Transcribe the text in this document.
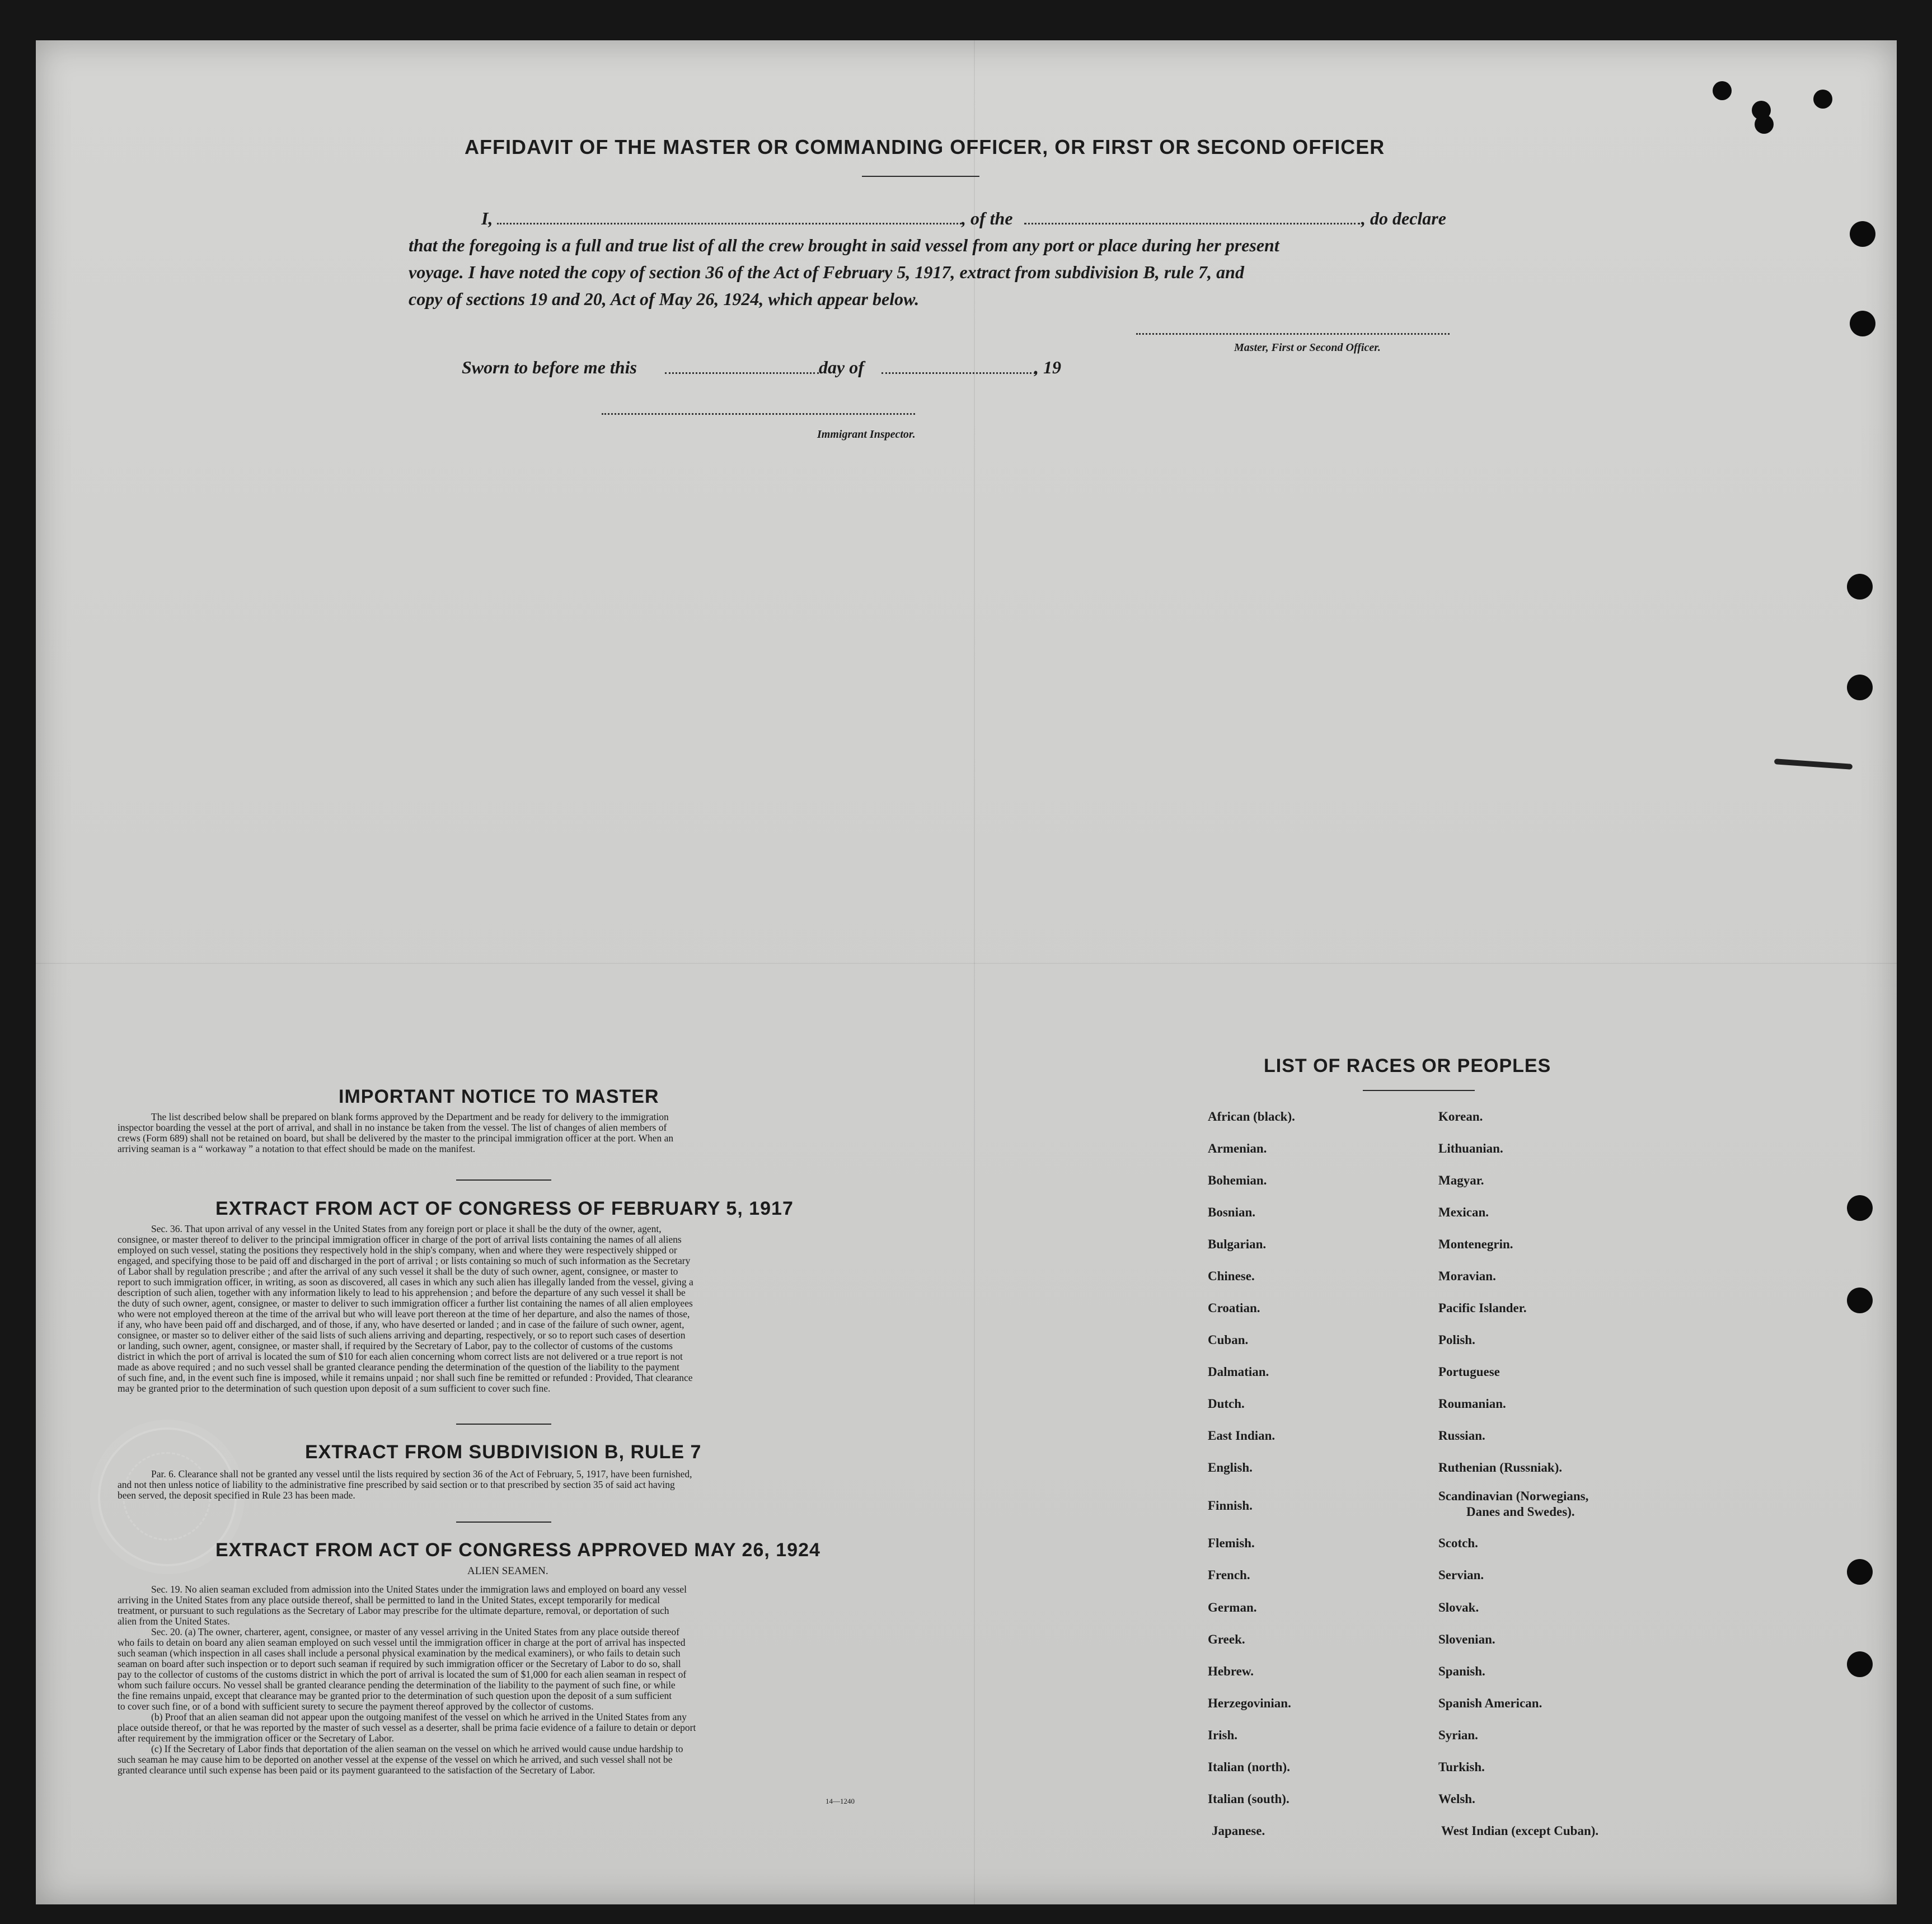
AFFIDAVIT OF THE MASTER OR COMMANDING OFFICER, OR FIRST OR SECOND OFFICER
I,	, of the	, do declare
that the foregoing is a full and true list of all the crew brought in said vessel from any port or place during her present
voyage. I have noted the copy of section 36 of the Act of February 5, 1917, extract from subdivision B, rule 7, and
copy of sections 19 and 20, Act of May 26, 1924, which appear below.
Master, First or Second Officer.
Sworn to before me this	day of	, 19
Immigrant Inspector.
IMPORTANT NOTICE TO MASTER
The list described below shall be prepared on blank forms approved by the Department and be ready for delivery to the immigration
inspector boarding the vessel at the port of arrival, and shall in no instance be taken from the vessel. The list of changes of alien members of
crews (Form 689) shall not be retained on board, but shall be delivered by the master to the principal immigration officer at the port. When an
arriving seaman is a “ workaway ” a notation to that effect should be made on the manifest.
EXTRACT FROM ACT OF CONGRESS OF FEBRUARY 5, 1917
Sec. 36. That upon arrival of any vessel in the United States from any foreign port or place it shall be the duty of the owner, agent,
consignee, or master thereof to deliver to the principal immigration officer in charge of the port of arrival lists containing the names of all aliens
employed on such vessel, stating the positions they respectively hold in the ship's company, when and where they were respectively shipped or
engaged, and specifying those to be paid off and discharged in the port of arrival ; or lists containing so much of such information as the Secretary
of Labor shall by regulation prescribe ; and after the arrival of any such vessel it shall be the duty of such owner, agent, consignee, or master to
report to such immigration officer, in writing, as soon as discovered, all cases in which any such alien has illegally landed from the vessel, giving a
description of such alien, together with any information likely to lead to his apprehension ; and before the departure of any such vessel it shall be
the duty of such owner, agent, consignee, or master to deliver to such immigration officer a further list containing the names of all alien employees
who were not employed thereon at the time of the arrival but who will leave port thereon at the time of her departure, and also the names of those,
if any, who have been paid off and discharged, and of those, if any, who have deserted or landed ; and in case of the failure of such owner, agent,
consignee, or master so to deliver either of the said lists of such aliens arriving and departing, respectively, or so to report such cases of desertion
or landing, such owner, agent, consignee, or master shall, if required by the Secretary of Labor, pay to the collector of customs of the customs
district in which the port of arrival is located the sum of $10 for each alien concerning whom correct lists are not delivered or a true report is not
made as above required ; and no such vessel shall be granted clearance pending the determination of the question of the liability to the payment
of such fine, and, in the event such fine is imposed, while it remains unpaid ; nor shall such fine be remitted or refunded : Provided, That clearance
may be granted prior to the determination of such question upon deposit of a sum sufficient to cover such fine.
EXTRACT FROM SUBDIVISION B, RULE 7
Par. 6. Clearance shall not be granted any vessel until the lists required by section 36 of the Act of February, 5, 1917, have been furnished,
and not then unless notice of liability to the administrative fine prescribed by said section or to that prescribed by section 35 of said act having
been served, the deposit specified in Rule 23 has been made.
EXTRACT FROM ACT OF CONGRESS APPROVED MAY 26, 1924
ALIEN SEAMEN.
Sec. 19. No alien seaman excluded from admission into the United States under the immigration laws and employed on board any vessel
arriving in the United States from any place outside thereof, shall be permitted to land in the United States, except temporarily for medical
treatment, or pursuant to such regulations as the Secretary of Labor may prescribe for the ultimate departure, removal, or deportation of such
alien from the United States.
Sec. 20. (a) The owner, charterer, agent, consignee, or master of any vessel arriving in the United States from any place outside thereof
who fails to detain on board any alien seaman employed on such vessel until the immigration officer in charge at the port of arrival has inspected
such seaman (which inspection in all cases shall include a personal physical examination by the medical examiners), or who fails to detain such
seaman on board after such inspection or to deport such seaman if required by such immigration officer or the Secretary of Labor to do so, shall
pay to the collector of customs of the customs district in which the port of arrival is located the sum of $1,000 for each alien seaman in respect of
whom such failure occurs. No vessel shall be granted clearance pending the determination of the liability to the payment of such fine, or while
the fine remains unpaid, except that clearance may be granted prior to the determination of such question upon the deposit of a sum sufficient
to cover such fine, or of a bond with sufficient surety to secure the payment thereof approved by the collector of customs.
(b) Proof that an alien seaman did not appear upon the outgoing manifest of the vessel on which he arrived in the United States from any
place outside thereof, or that he was reported by the master of such vessel as a deserter, shall be prima facie evidence of a failure to detain or deport
after requirement by the immigration officer or the Secretary of Labor.
(c) If the Secretary of Labor finds that deportation of the alien seaman on the vessel on which he arrived would cause undue hardship to
such seaman he may cause him to be deported on another vessel at the expense of the vessel on which he arrived, and such vessel shall not be
granted clearance until such expense has been paid or its payment guaranteed to the satisfaction of the Secretary of Labor.
14—1240
LIST OF RACES OR PEOPLES
African (black).
Armenian.
Bohemian.
Bosnian.
Bulgarian.
Chinese.
Croatian.
Cuban.
Dalmatian.
Dutch.
East Indian.
English.
Finnish.
Flemish.
French.
German.
Greek.
Hebrew.
Herzegovinian.
Irish.
Italian (north).
Italian (south).
Japanese.
Korean.
Lithuanian.
Magyar.
Mexican.
Montenegrin.
Moravian.
Pacific Islander.
Polish.
Portuguese
Roumanian.
Russian.
Ruthenian (Russniak).
Scandinavian (Norwegians,
Danes and Swedes).
Scotch.
Servian.
Slovak.
Slovenian.
Spanish.
Spanish American.
Syrian.
Turkish.
Welsh.
West Indian (except Cuban).
